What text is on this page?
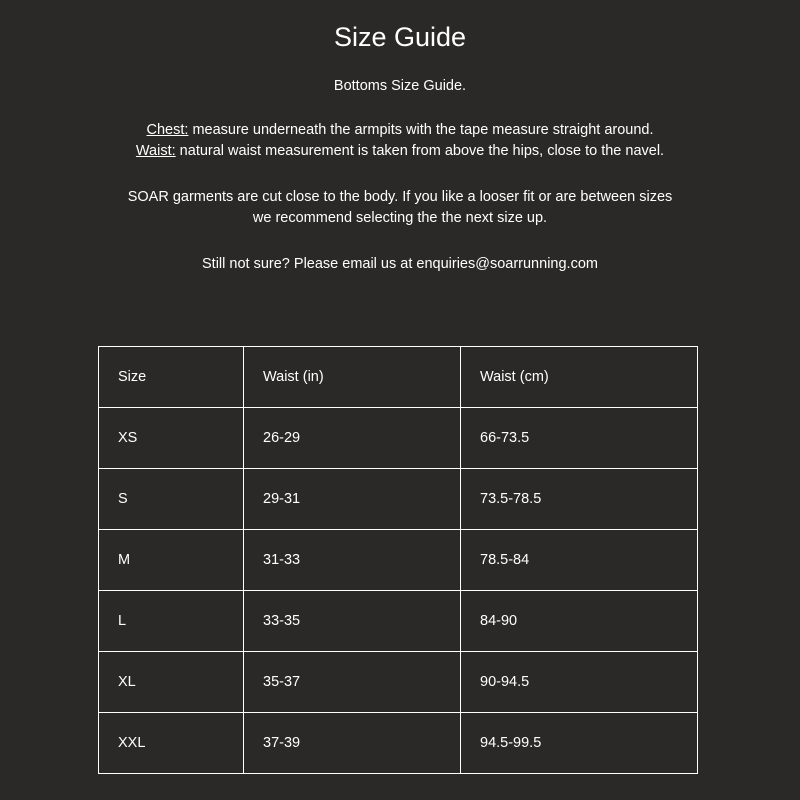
Size Guide
Bottoms Size Guide.
Chest: measure underneath the armpits with the tape measure straight around.
Waist: natural waist measurement is taken from above the hips, close to the navel.
SOAR garments are cut close to the body. If you like a looser fit or are between sizes
we recommend selecting the the next size up.
Still not sure? Please email us at enquiries@soarrunning.com
Size	Waist (in)	Waist (cm)
XS	26-29	66-73.5
S	29-31	73.5-78.5
M	31-33	78.5-84
L	33-35	84-90
XL	35-37	90-94.5
XXL	37-39	94.5-99.5
